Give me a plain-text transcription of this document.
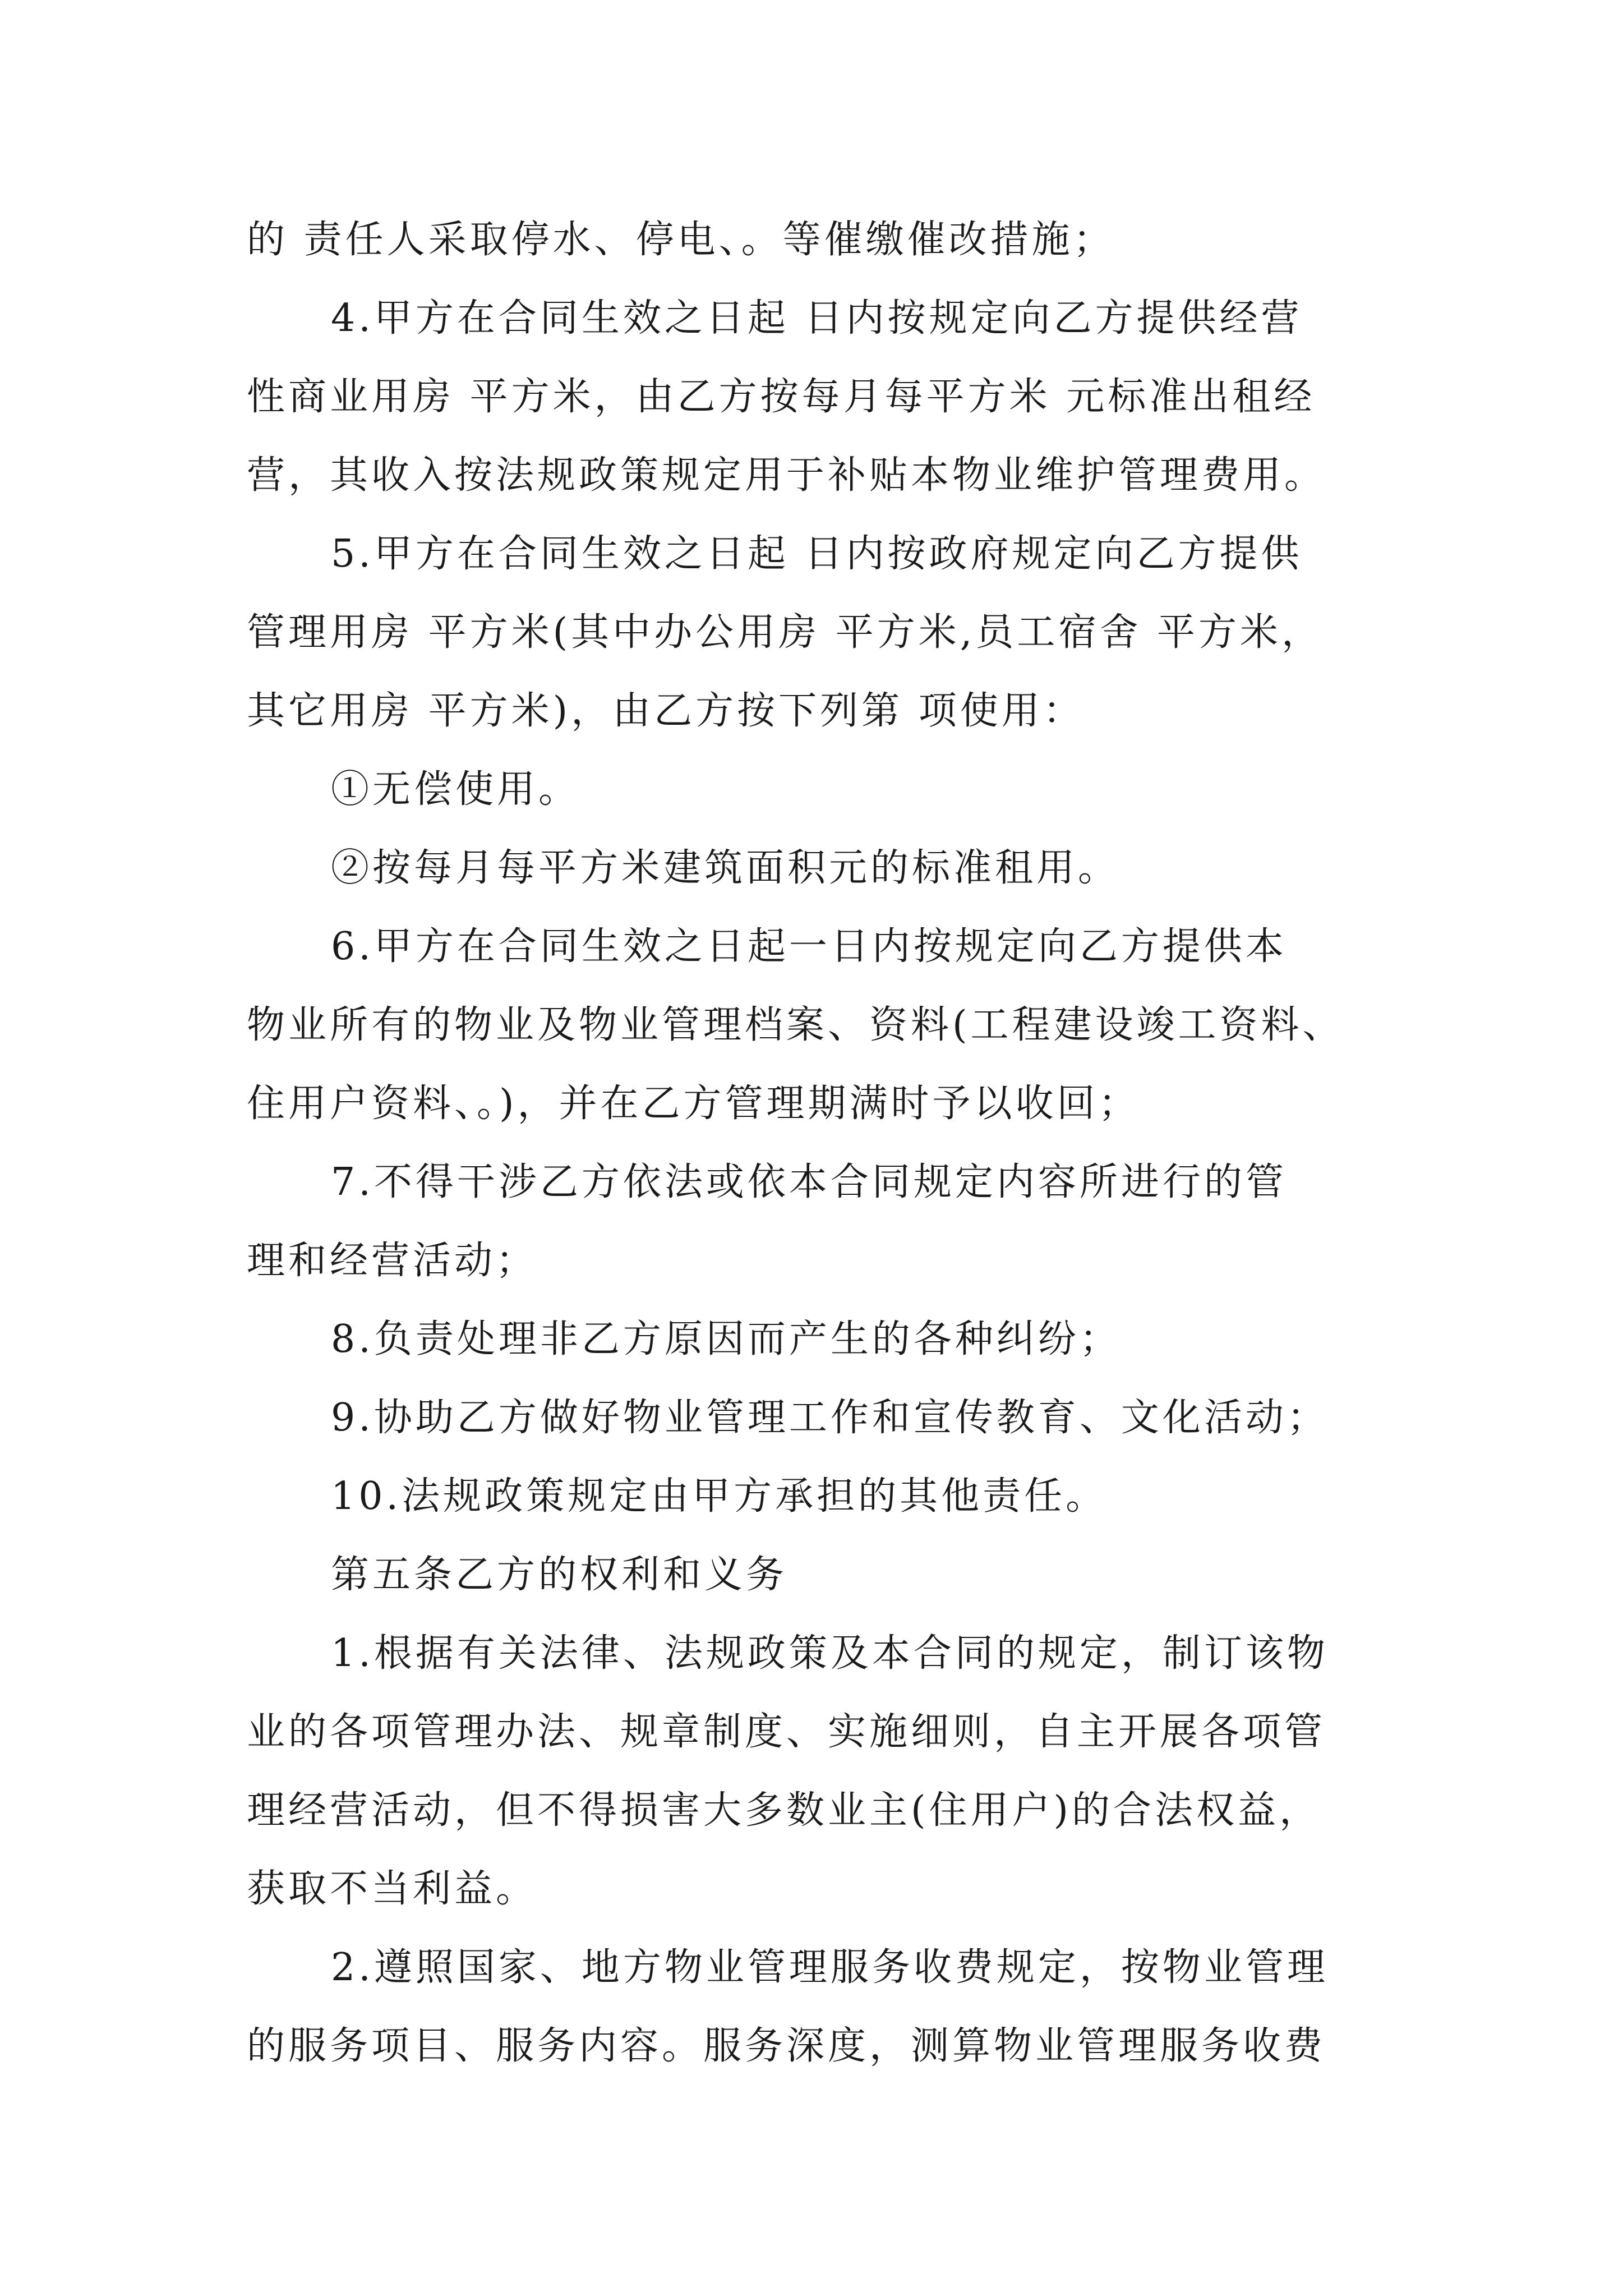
的 责任人采取停水、停电、。等催缴催改措施；
4.甲方在合同生效之日起 日内按规定向乙方提供经营
性商业用房 平方米，由乙方按每月每平方米 元标准出租经
营，其收入按法规政策规定用于补贴本物业维护管理费用。
5.甲方在合同生效之日起 日内按政府规定向乙方提供
管理用房 平方米(其中办公用房 平方米,员工宿舍 平方米，
其它用房 平方米)，由乙方按下列第 项使用：
①无偿使用。
②按每月每平方米建筑面积元的标准租用。
6.甲方在合同生效之日起一日内按规定向乙方提供本
物业所有的物业及物业管理档案、资料(工程建设竣工资料、
住用户资料、。)，并在乙方管理期满时予以收回；
7.不得干涉乙方依法或依本合同规定内容所进行的管
理和经营活动；
8.负责处理非乙方原因而产生的各种纠纷；
9.协助乙方做好物业管理工作和宣传教育、文化活动；
10.法规政策规定由甲方承担的其他责任。
第五条乙方的权利和义务
1.根据有关法律、法规政策及本合同的规定，制订该物
业的各项管理办法、规章制度、实施细则，自主开展各项管
理经营活动，但不得损害大多数业主(住用户)的合法权益，
获取不当利益。
2.遵照国家、地方物业管理服务收费规定，按物业管理
的服务项目、服务内容。服务深度，测算物业管理服务收费
